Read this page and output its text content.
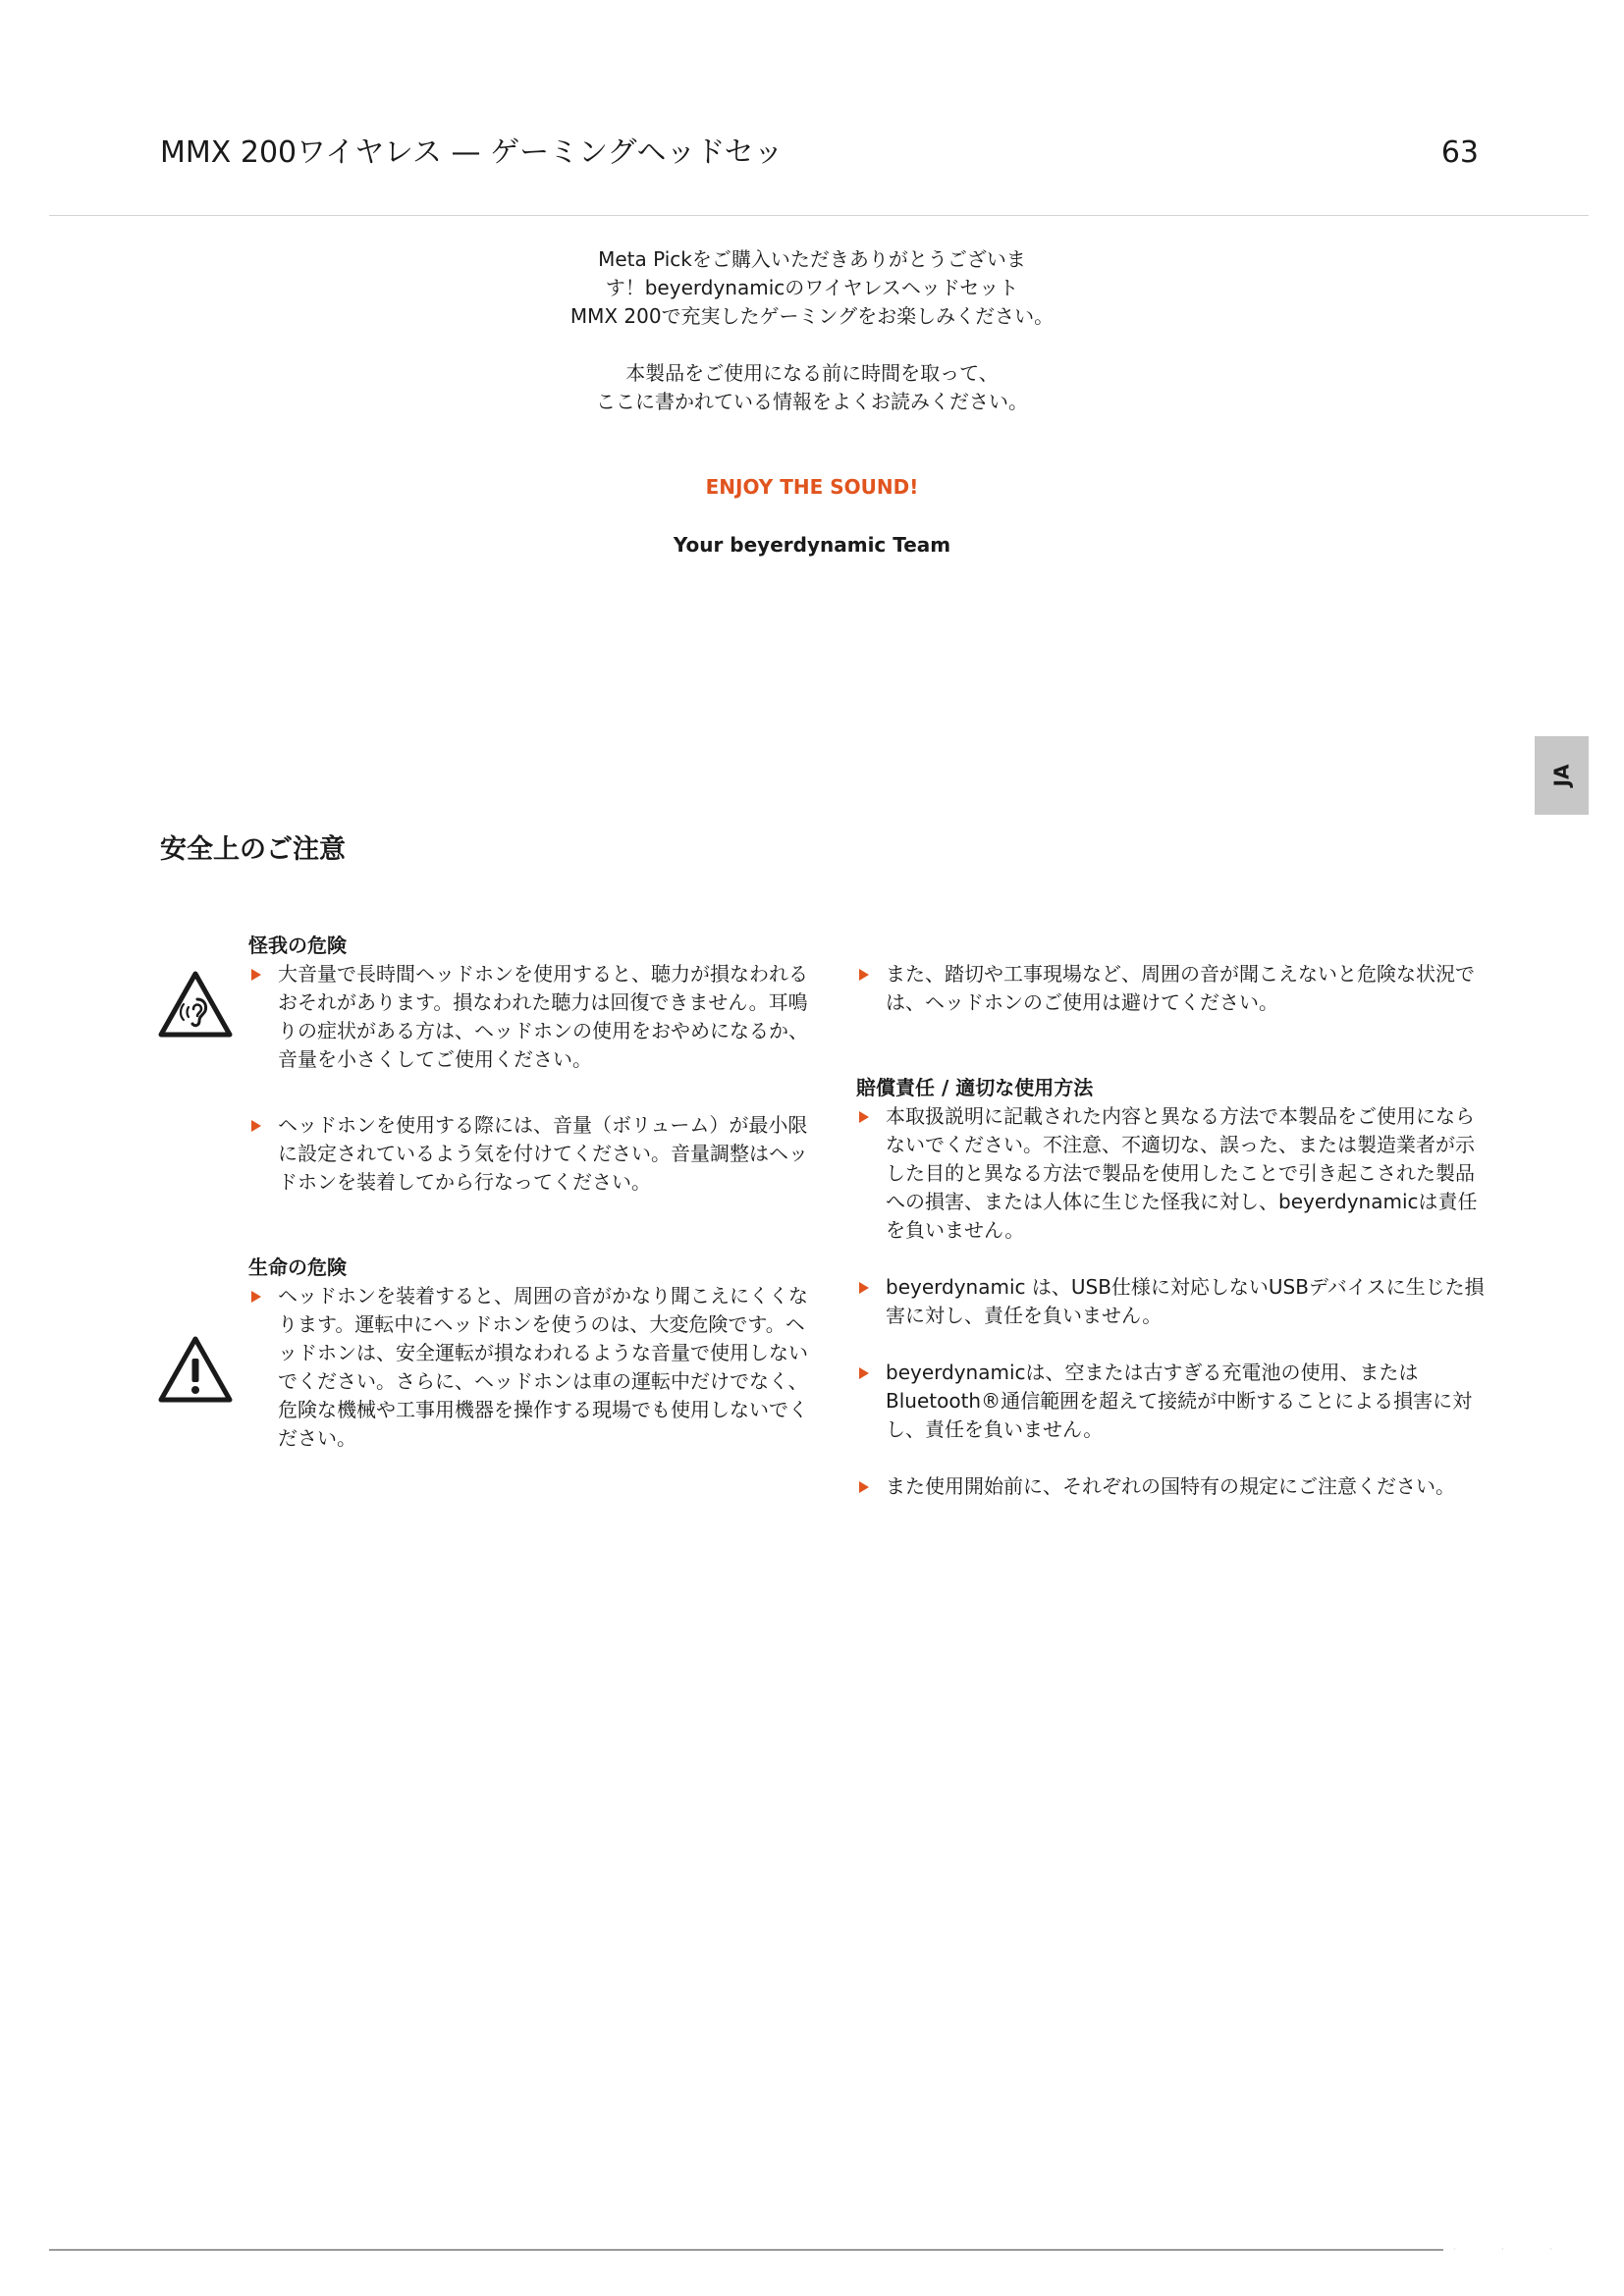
MMX 200ワイヤレス — ゲーミングヘッドセッ	63

Meta Pickをご購入いただきありがとうございま

す！beyerdynamicのワイヤレスヘッドセット

MMX 200で充実したゲーミングをお楽しみください。

本製品をご使用になる前に時間を取って、

ここに書かれている情報をよくお読みください。

ENJOY THE SOUND!
Your beyerdynamic Team
JA
安全上のご注意

怪我の危険

大音量で長時間ヘッドホンを使用すると、聴力が損なわれるおそれがあります。損なわれた聴力は回復できません。耳鳴りの症状がある方は、ヘッドホンの使用をおやめになるか、音量を小さくしてご使用ください。
ヘッドホンを使用する際には、音量（ボリューム）が最小限に設定されているよう気を付けてください。音量調整はヘッドホンを装着してから行なってください。

生命の危険

ヘッドホンを装着すると、周囲の音がかなり聞こえにくくなります。運転中にヘッドホンを使うのは、大変危険です。ヘッドホンは、安全運転が損なわれるような音量で使用しないでください。さらに、ヘッドホンは車の運転中だけでなく、危険な機械や工事用機器を操作する現場でも使用しないでください。
また、踏切や工事現場など、周囲の音が聞こえないと危険な状況では、ヘッドホンのご使用は避けてください。

賠償責任 / 適切な使用方法

本取扱説明に記載された内容と異なる方法で本製品をご使用にならないでください。不注意、不適切な、誤った、または製造業者が示した目的と異なる方法で製品を使用したことで引き起こされた製品への損害、または人体に生じた怪我に対し、beyerdynamicは責任を負いません。
beyerdynamic は、USB仕様に対応しないUSBデバイスに生じた損害に対し、責任を負いません。
beyerdynamicは、空または古すぎる充電池の使用、またはBluetooth®通信範囲を超えて接続が中断することによる損害に対し、責任を負いません。
また使用開始前に、それぞれの国特有の規定にご注意ください。
· · ·
